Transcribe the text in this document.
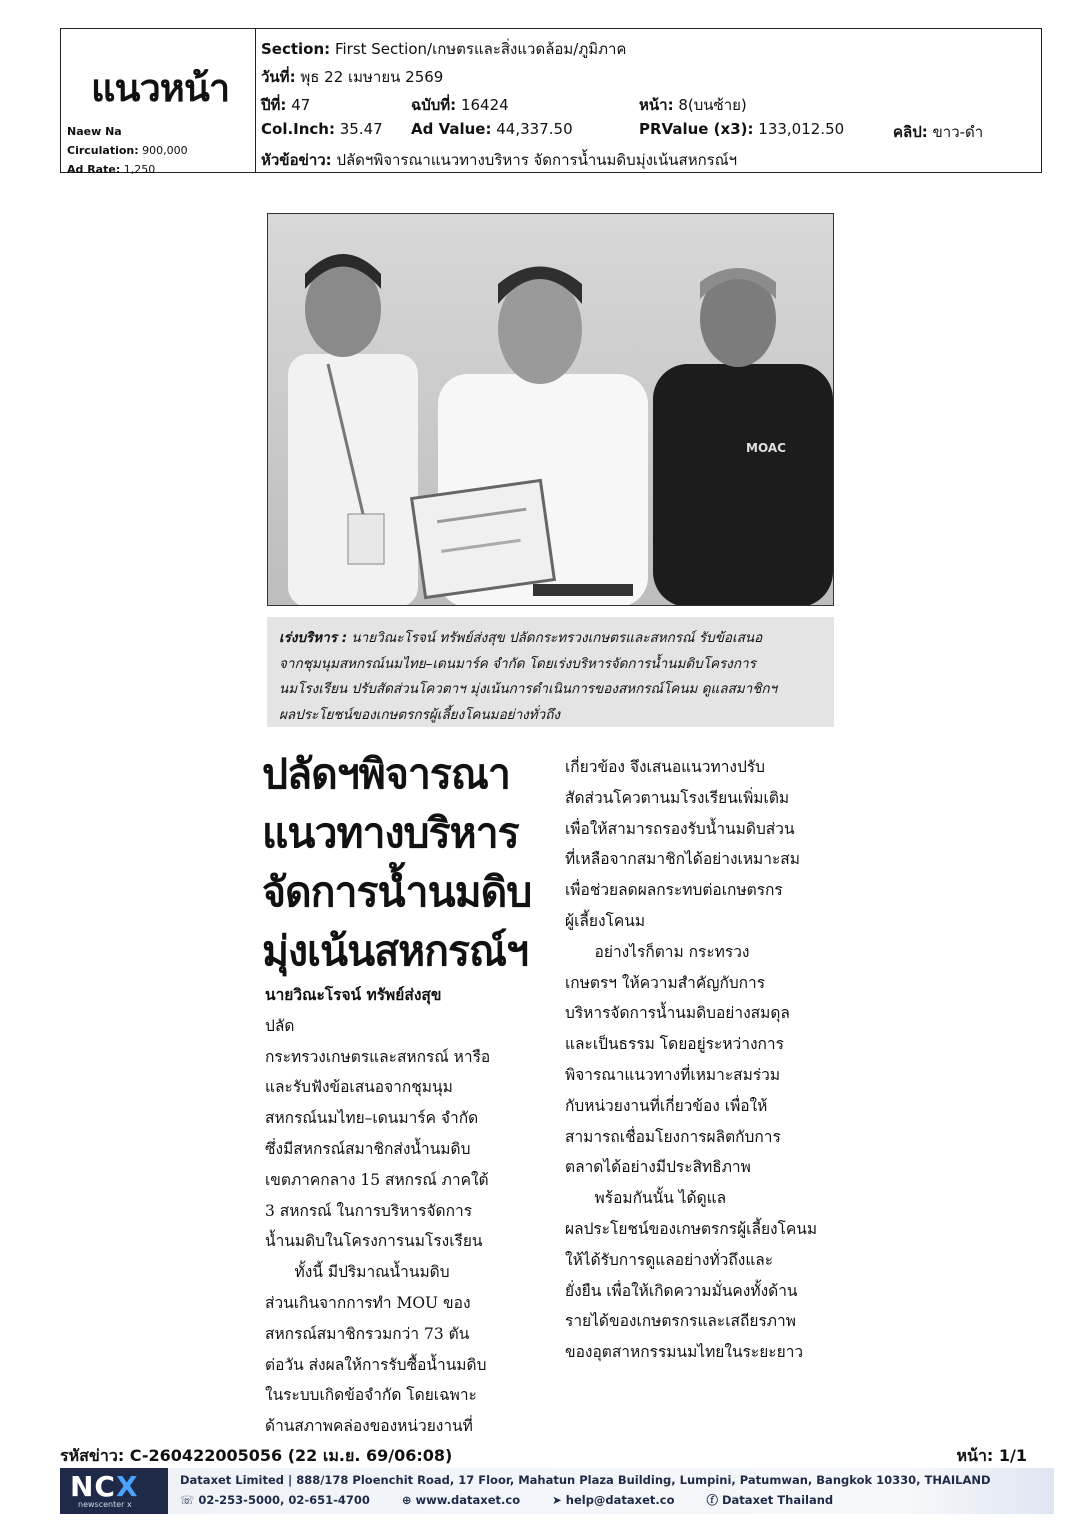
แนวหน้า
Naew Na
Circulation: 900,000
Ad Rate: 1,250
Section: First Section/เกษตรและสิ่งแวดล้อม/ภูมิภาค
วันที่: พุธ 22 เมษายน 2569
ปีที่: 47	ฉบับที่: 16424	หน้า: 8(บนซ้าย)
Col.Inch: 35.47 Ad Value: 44,337.50	PRValue (x3): 133,012.50	คลิป: ขาว-ดำ
หัวข้อข่าว: ปลัดฯพิจารณาแนวทางบริหาร จัดการน้ำนมดิบมุ่งเน้นสหกรณ์ฯ
MOAC
เร่งบริหาร : นายวิณะโรจน์ ทรัพย์ส่งสุข ปลัดกระทรวงเกษตรและสหกรณ์ รับข้อเสนอ
จากชุมนุมสหกรณ์นมไทย–เดนมาร์ค จำกัด โดยเร่งบริหารจัดการน้ำนมดิบโครงการ
นมโรงเรียน ปรับสัดส่วนโควตาฯ มุ่งเน้นการดำเนินการของสหกรณ์โคนม ดูแลสมาชิกฯ
ผลประโยชน์ของเกษตรกรผู้เลี้ยงโคนมอย่างทั่วถึง
ปลัดฯพิจารณา
แนวทางบริหาร
จัดการน้ำนมดิบ
มุ่งเน้นสหกรณ์ฯ
นายวิณะโรจน์ ทรัพย์ส่งสุข
ปลัด
กระทรวงเกษตรและสหกรณ์ หารือ
และรับฟังข้อเสนอจากชุมนุม
สหกรณ์นมไทย–เดนมาร์ค จำกัด
ซึ่งมีสหกรณ์สมาชิกส่งน้ำนมดิบ
เขตภาคกลาง 15 สหกรณ์ ภาคใต้
3 สหกรณ์ ในการบริหารจัดการ
น้ำนมดิบในโครงการนมโรงเรียน
ทั้งนี้ มีปริมาณน้ำนมดิบ
ส่วนเกินจากการทำ MOU ของ
สหกรณ์สมาชิกรวมกว่า 73 ตัน
ต่อวัน ส่งผลให้การรับซื้อน้ำนมดิบ
ในระบบเกิดข้อจำกัด โดยเฉพาะ
ด้านสภาพคล่องของหน่วยงานที่
เกี่ยวข้อง จึงเสนอแนวทางปรับ
สัดส่วนโควตานมโรงเรียนเพิ่มเติม
เพื่อให้สามารถรองรับน้ำนมดิบส่วน
ที่เหลือจากสมาชิกได้อย่างเหมาะสม
เพื่อช่วยลดผลกระทบต่อเกษตรกร
ผู้เลี้ยงโคนม
อย่างไรก็ตาม กระทรวง
เกษตรฯ ให้ความสำคัญกับการ
บริหารจัดการน้ำนมดิบอย่างสมดุล
และเป็นธรรม โดยอยู่ระหว่างการ
พิจารณาแนวทางที่เหมาะสมร่วม
กับหน่วยงานที่เกี่ยวข้อง เพื่อให้
สามารถเชื่อมโยงการผลิตกับการ
ตลาดได้อย่างมีประสิทธิภาพ
พร้อมกันนั้น ได้ดูแล
ผลประโยชน์ของเกษตรกรผู้เลี้ยงโคนม
ให้ได้รับการดูแลอย่างทั่วถึงและ
ยั่งยืน เพื่อให้เกิดความมั่นคงทั้งด้าน
รายได้ของเกษตรกรและเสถียรภาพ
ของอุตสาหกรรมนมไทยในระยะยาว
รหัสข่าว: C-260422005056 (22 เม.ย. 69/06:08)	หน้า: 1/1
NCX
newscenter x
Dataxet Limited | 888/178 Ploenchit Road, 17 Floor, Mahatun Plaza Building, Lumpini, Patumwan, Bangkok 10330, THAILAND
☏ 02-253-5000, 02-651-4700	⊕ www.dataxet.co	➤ help@dataxet.co	ⓕ Dataxet Thailand
